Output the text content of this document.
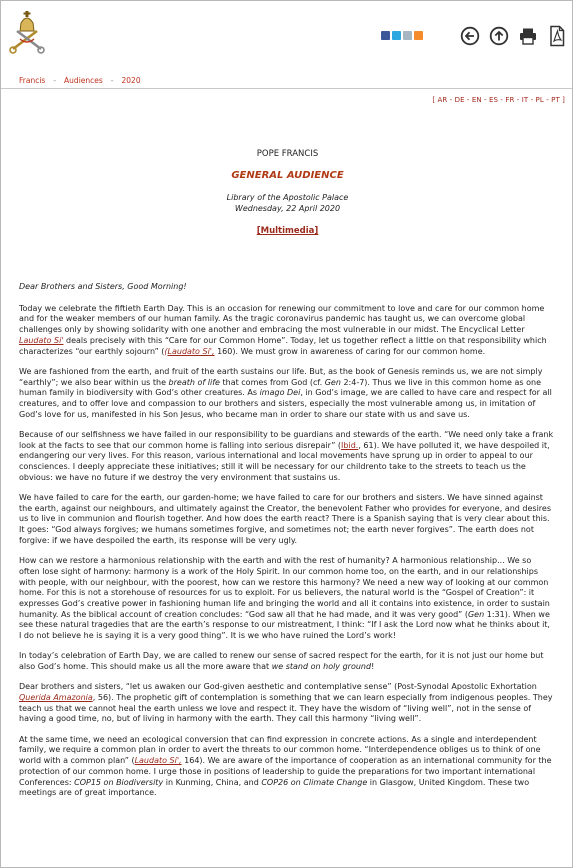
Francis - Audiences - 2020
[ AR - DE - EN - ES - FR - IT - PL - PT ]
POPE FRANCIS
GENERAL AUDIENCE
Library of the Apostolic Palace
Wednesday, 22 April 2020
[Multimedia]

Dear Brothers and Sisters, Good Morning!

Today we celebrate the fiftieth Earth Day. This is an occasion for renewing our commitment to love and care for our common home and for the weaker members of our human family. As the tragic coronavirus pandemic has taught us, we can overcome global challenges only by showing solidarity with one another and embracing the most vulnerable in our midst. The Encyclical Letter Laudato Si' deals precisely with this “Care for our Common Home”. Today, let us together reflect a little on that responsibility which characterizes “our earthly sojourn” ((Laudato Si', 160). We must grow in awareness of caring for our common home.

We are fashioned from the earth, and fruit of the earth sustains our life. But, as the book of Genesis reminds us, we are not simply “earthly”; we also bear within us the breath of life that comes from God (cf. Gen 2:4-7). Thus we live in this common home as one human family in biodiversity with God’s other creatures. As imago Dei, in God’s image, we are called to have care and respect for all creatures, and to offer love and compassion to our brothers and sisters, especially the most vulnerable among us, in imitation of God’s love for us, manifested in his Son Jesus, who became man in order to share our state with us and save us.

Because of our selfishness we have failed in our responsibility to be guardians and stewards of the earth. “We need only take a frank look at the facts to see that our common home is falling into serious disrepair” (Ibid., 61). We have polluted it, we have despoiled it, endangering our very lives. For this reason, various international and local movements have sprung up in order to appeal to our consciences. I deeply appreciate these initiatives; still it will be necessary for our childrento take to the streets to teach us the obvious: we have no future if we destroy the very environment that sustains us.

We have failed to care for the earth, our garden-home; we have failed to care for our brothers and sisters. We have sinned against the earth, against our neighbours, and ultimately against the Creator, the benevolent Father who provides for everyone, and desires us to live in communion and flourish together. And how does the earth react? There is a Spanish saying that is very clear about this. It goes: “God always forgives; we humans sometimes forgive, and sometimes not; the earth never forgives”. The earth does not forgive: if we have despoiled the earth, its response will be very ugly.

How can we restore a harmonious relationship with the earth and with the rest of humanity? A harmonious relationship... We so often lose sight of harmony: harmony is a work of the Holy Spirit. In our common home too, on the earth, and in our relationships with people, with our neighbour, with the poorest, how can we restore this harmony? We need a new way of looking at our common home. For this is not a storehouse of resources for us to exploit. For us believers, the natural world is the “Gospel of Creation”: it expresses God’s creative power in fashioning human life and bringing the world and all it contains into existence, in order to sustain humanity. As the biblical account of creation concludes: “God saw all that he had made, and it was very good” (Gen 1:31). When we see these natural tragedies that are the earth’s response to our mistreatment, I think: “If I ask the Lord now what he thinks about it, I do not believe he is saying it is a very good thing”. It is we who have ruined the Lord’s work!

In today’s celebration of Earth Day, we are called to renew our sense of sacred respect for the earth, for it is not just our home but also God’s home. This should make us all the more aware that we stand on holy ground!

Dear brothers and sisters, “let us awaken our God-given aesthetic and contemplative sense” (Post-Synodal Apostolic Exhortation Querida Amazonia, 56). The prophetic gift of contemplation is something that we can learn especially from indigenous peoples. They teach us that we cannot heal the earth unless we love and respect it. They have the wisdom of “living well”, not in the sense of having a good time, no, but of living in harmony with the earth. They call this harmony “living well”.

At the same time, we need an ecological conversion that can find expression in concrete actions. As a single and interdependent family, we require a common plan in order to avert the threats to our common home. “Interdependence obliges us to think of one world with a common plan” (Laudato Si', 164). We are aware of the importance of cooperation as an international community for the protection of our common home. I urge those in positions of leadership to guide the preparations for two important international Conferences: COP15 on Biodiversity in Kunming, China, and COP26 on Climate Change in Glasgow, United Kingdom. These two meetings are of great importance.
